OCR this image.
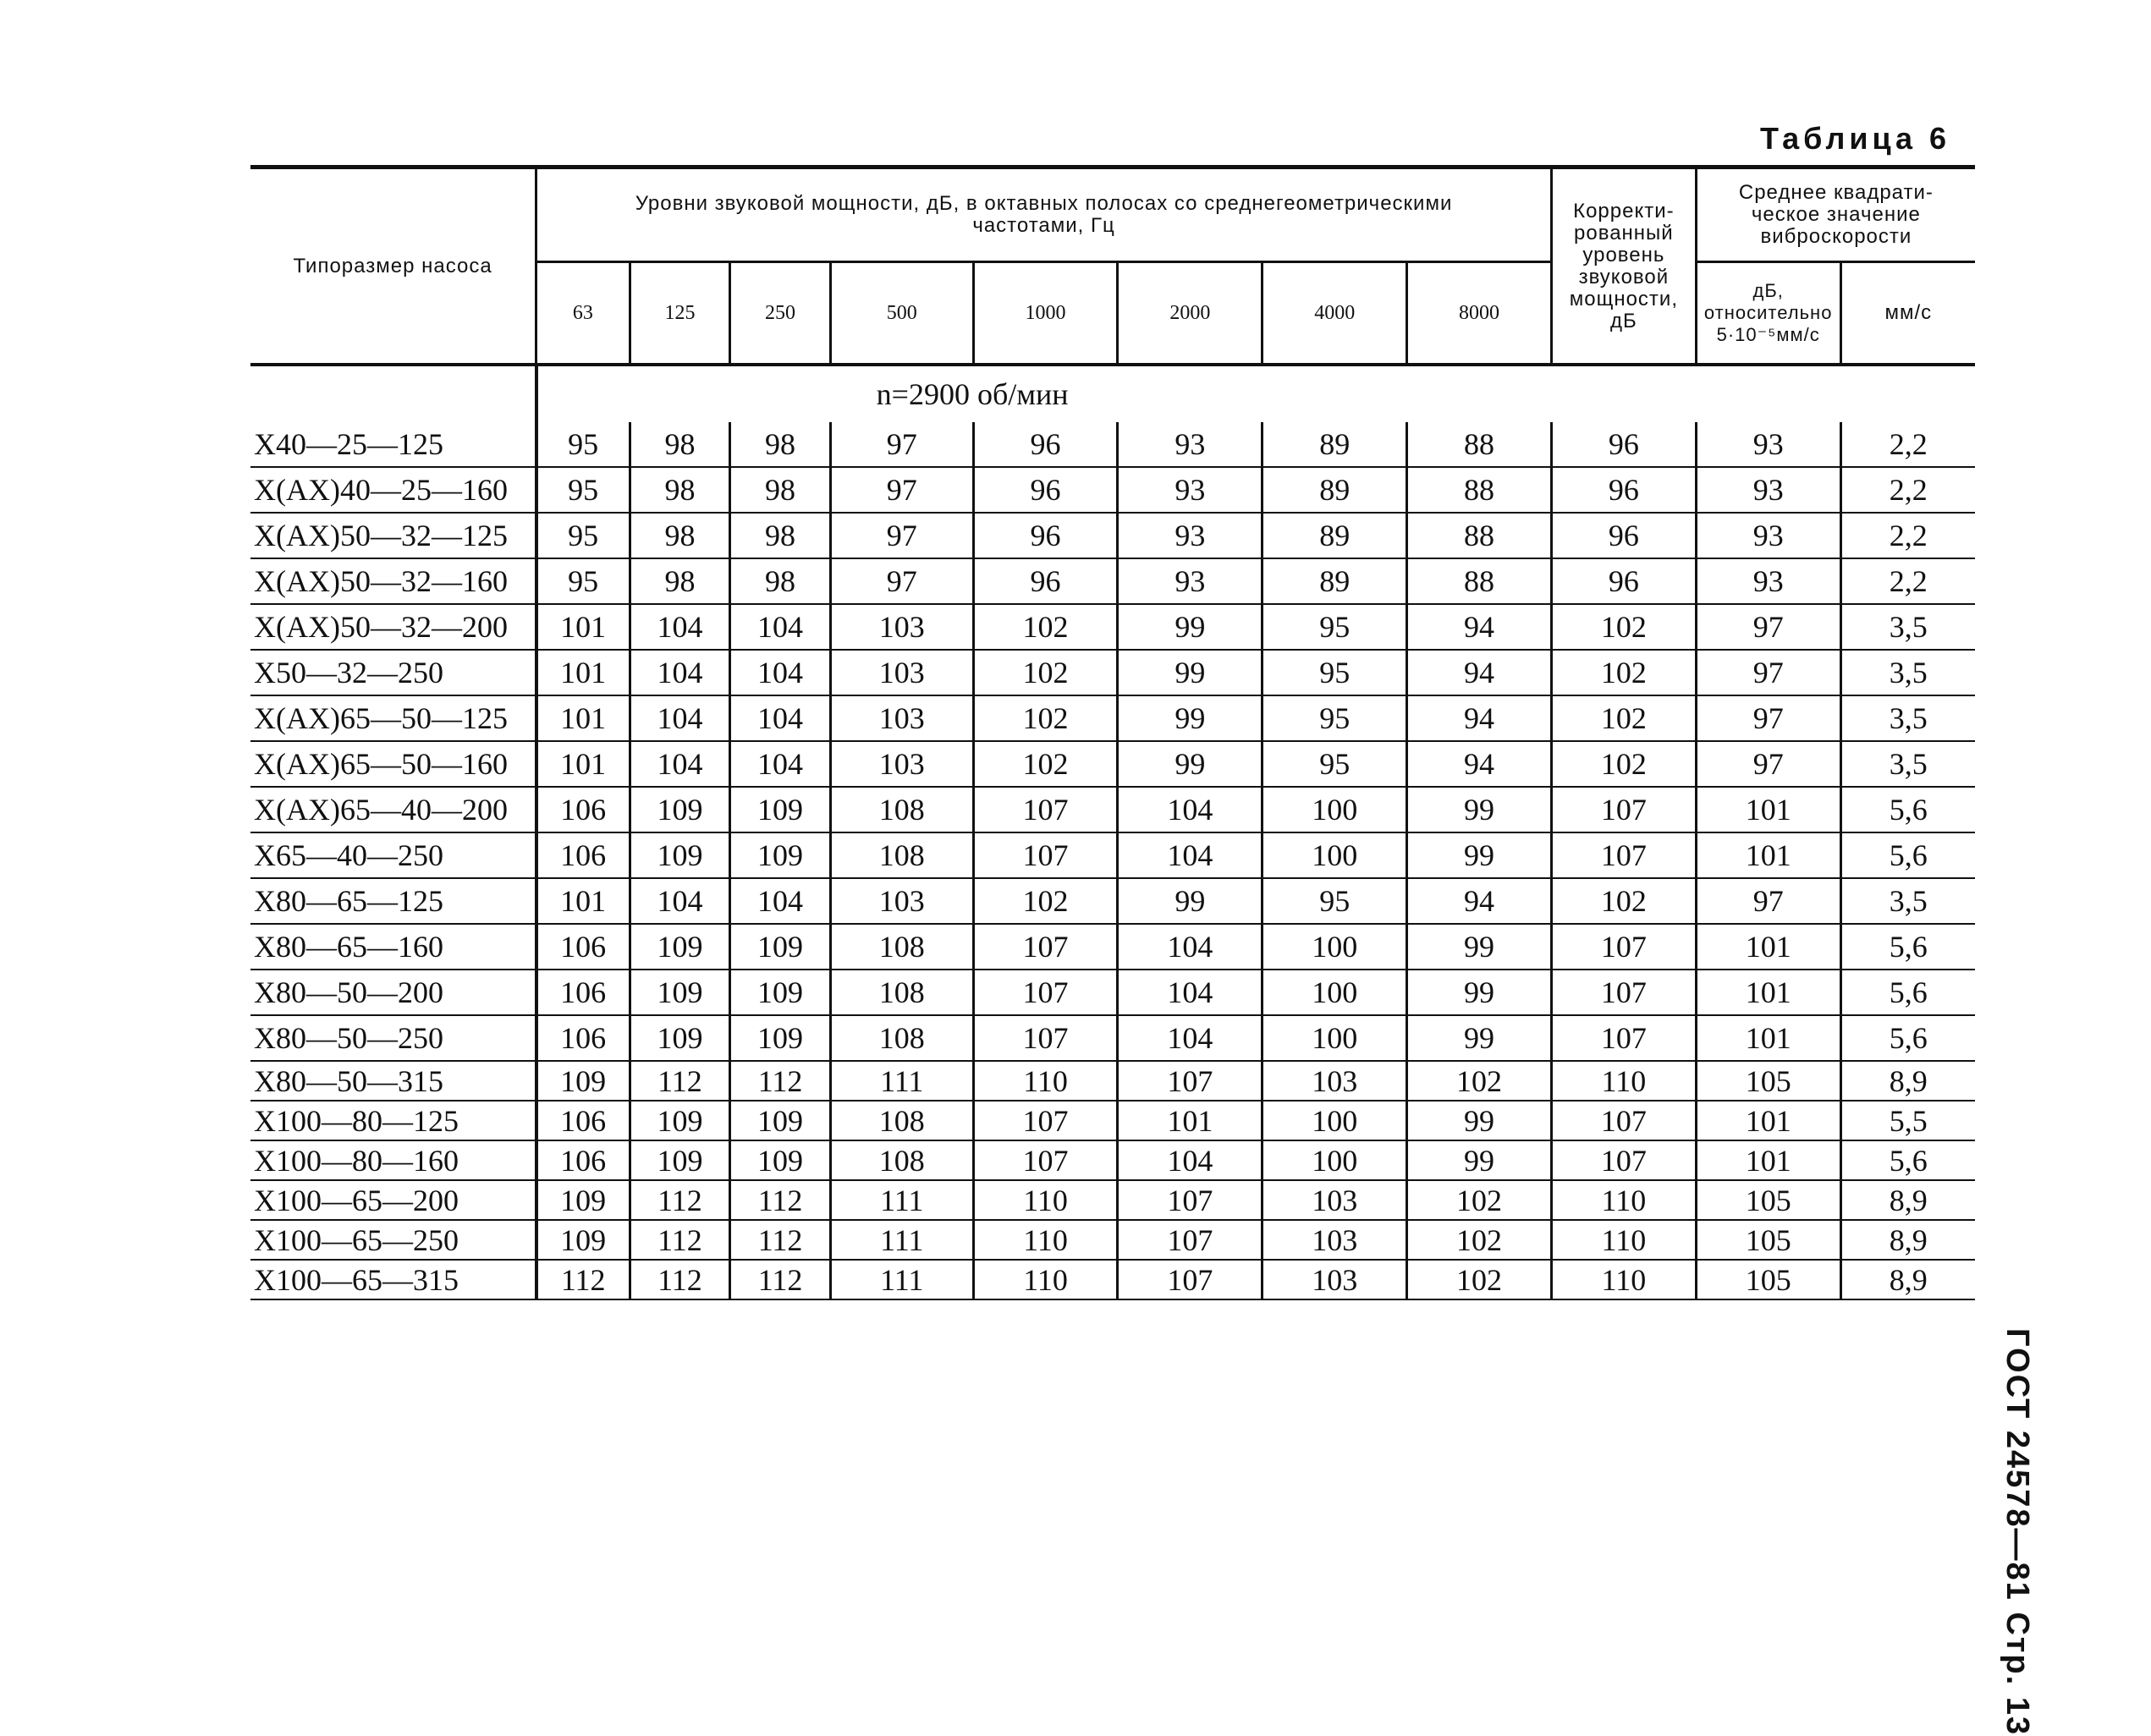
Таблица 6
ГОСТ 24578—81 Стр. 13
Типоразмер насоса	Уровни звуковой мощности, дБ, в октавных полосах со среднегеометрическими частотами, Гц								Корректи-рованный уровень звуковой мощности, дБ	Среднее квадрати-ческое значение виброскорости	
	63	125	250	500	1000	2000	4000	8000		дБ, относительно 5·10⁻⁵мм/с	мм/с
	n=2900 об/мин										
X40—25—125	95	98	98	97	96	93	89	88	96	93	2,2
X(AX)40—25—160	95	98	98	97	96	93	89	88	96	93	2,2
X(AX)50—32—125	95	98	98	97	96	93	89	88	96	93	2,2
X(AX)50—32—160	95	98	98	97	96	93	89	88	96	93	2,2
X(AX)50—32—200	101	104	104	103	102	99	95	94	102	97	3,5
X50—32—250	101	104	104	103	102	99	95	94	102	97	3,5
X(AX)65—50—125	101	104	104	103	102	99	95	94	102	97	3,5
X(AX)65—50—160	101	104	104	103	102	99	95	94	102	97	3,5
X(AX)65—40—200	106	109	109	108	107	104	100	99	107	101	5,6
X65—40—250	106	109	109	108	107	104	100	99	107	101	5,6
X80—65—125	101	104	104	103	102	99	95	94	102	97	3,5
X80—65—160	106	109	109	108	107	104	100	99	107	101	5,6
X80—50—200	106	109	109	108	107	104	100	99	107	101	5,6
X80—50—250	106	109	109	108	107	104	100	99	107	101	5,6
X80—50—315	109	112	112	111	110	107	103	102	110	105	8,9
X100—80—125	106	109	109	108	107	101	100	99	107	101	5,5
X100—80—160	106	109	109	108	107	104	100	99	107	101	5,6
X100—65—200	109	112	112	111	110	107	103	102	110	105	8,9
X100—65—250	109	112	112	111	110	107	103	102	110	105	8,9
X100—65—315	112	112	112	111	110	107	103	102	110	105	8,9
